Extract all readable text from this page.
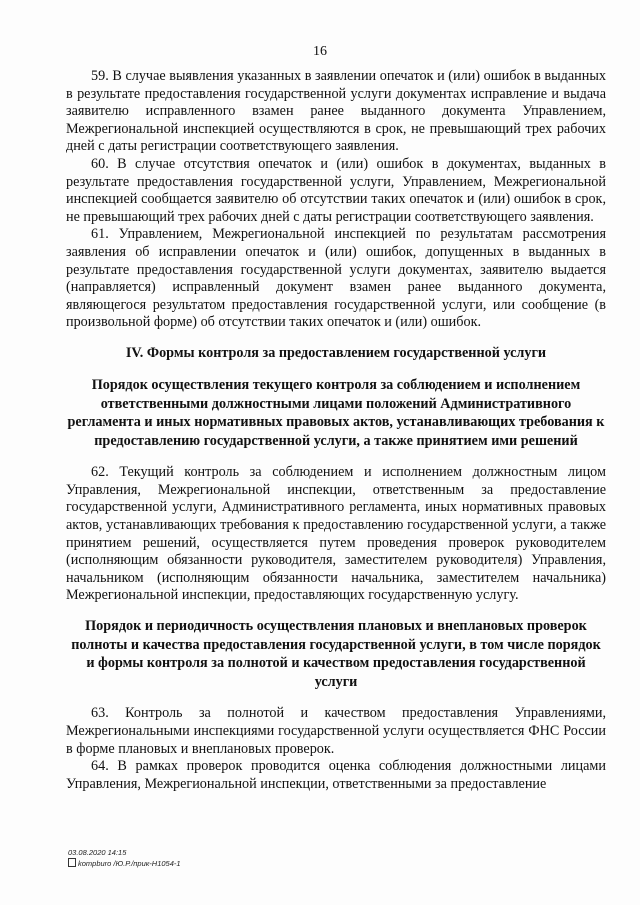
16

59. В случае выявления указанных в заявлении опечаток и (или) ошибок в выданных в результате предоставления государственной услуги документах исправление и выдача заявителю исправленного взамен ранее выданного документа Управлением, Межрегиональной инспекцией осуществляются в срок, не превышающий трех рабочих дней с даты регистрации соответствующего заявления.

60. В случае отсутствия опечаток и (или) ошибок в документах, выданных в результате предоставления государственной услуги, Управлением, Межрегиональной инспекцией сообщается заявителю об отсутствии таких опечаток и (или) ошибок в срок, не превышающий трех рабочих дней с даты регистрации соответствующего заявления.

61. Управлением, Межрегиональной инспекцией по результатам рассмотрения заявления об исправлении опечаток и (или) ошибок, допущенных в выданных в результате предоставления государственной услуги документах, заявителю выдается (направляется) исправленный документ взамен ранее выданного документа, являющегося результатом предоставления государственной услуги, или сообщение (в произвольной форме) об отсутствии таких опечаток и (или) ошибок.

IV. Формы контроля за предоставлением государственной услуги
Порядок осуществления текущего контроля за соблюдением и исполнением ответственными должностными лицами положений Административного регламента и иных нормативных правовых актов, устанавливающих требования к предоставлению государственной услуги, а также принятием ими решений

62. Текущий контроль за соблюдением и исполнением должностным лицом Управления, Межрегиональной инспекции, ответственным за предоставление государственной услуги, Административного регламента, иных нормативных правовых актов, устанавливающих требования к предоставлению государственной услуги, а также принятием решений, осуществляется путем проведения проверок руководителем (исполняющим обязанности руководителя, заместителем руководителя) Управления, начальником (исполняющим обязанности начальника, заместителем начальника) Межрегиональной инспекции, предоставляющих государственную услугу.

Порядок и периодичность осуществления плановых и внеплановых проверок полноты и качества предоставления государственной услуги, в том числе порядок и формы контроля за полнотой и качеством предоставления государственной услуги

63. Контроль за полнотой и качеством предоставления Управлениями, Межрегиональными инспекциями государственной услуги осуществляется ФНС России в форме плановых и внеплановых проверок.

64. В рамках проверок проводится оценка соблюдения должностными лицами Управления, Межрегиональной инспекции, ответственными за предоставление

03.08.2020 14:15
kompburo /Ю.Р./прик-Н1054-1
